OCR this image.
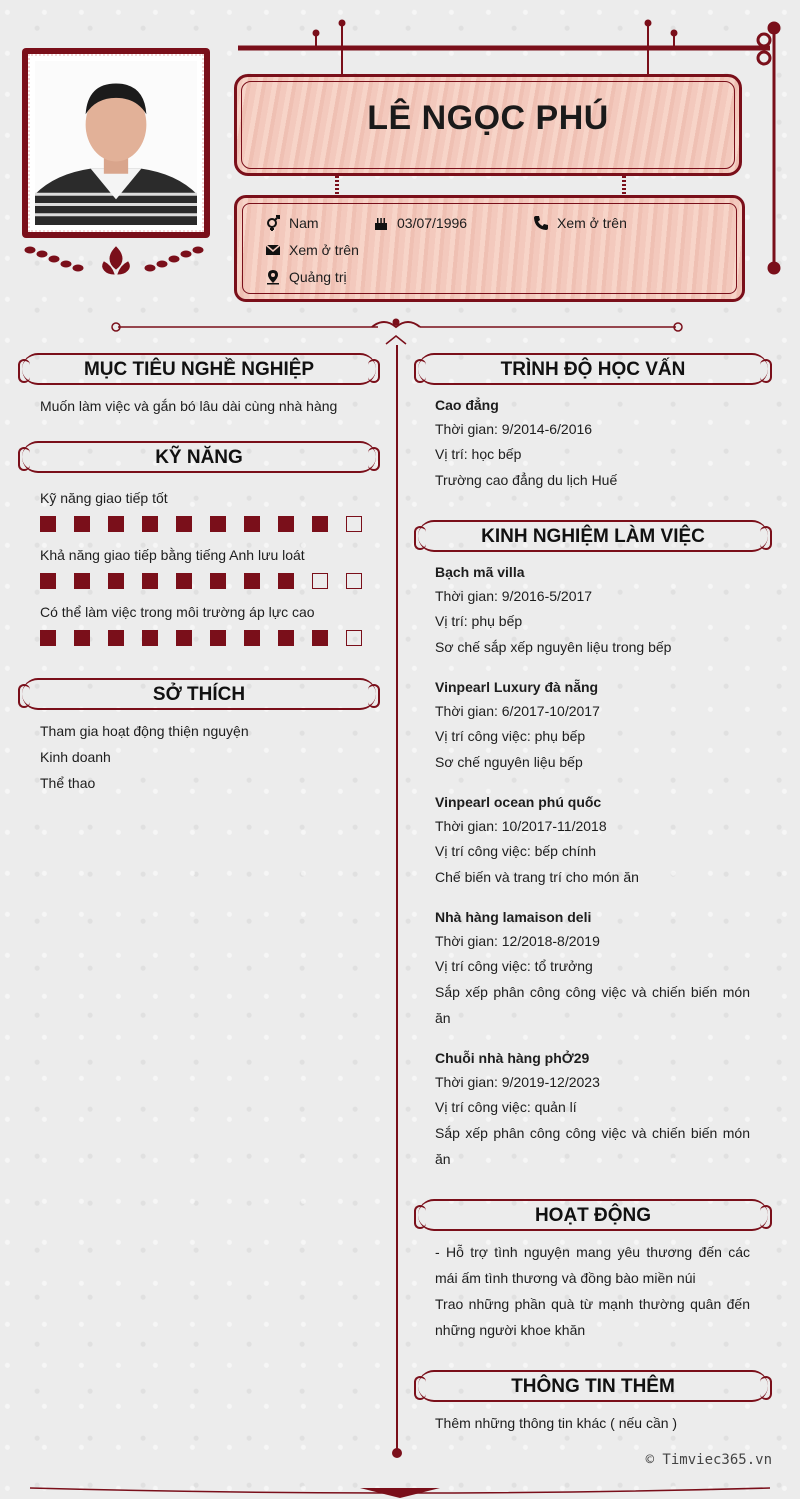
LÊ NGỌC PHÚ
Nam	03/07/1996	Xem ở trên
Xem ở trên
Quảng trị
MỤC TIÊU NGHỀ NGHIỆP
Muốn làm việc và gắn bó lâu dài cùng nhà hàng
KỸ NĂNG
Kỹ năng giao tiếp tốt
Khả năng giao tiếp bằng tiếng Anh lưu loát
Có thể làm việc trong môi trường áp lực cao
SỞ THÍCH
Tham gia hoạt động thiện nguyện
Kinh doanh
Thể thao
TRÌNH ĐỘ HỌC VẤN
Cao đẳng
Thời gian: 9/2014-6/2016
Vị trí: học bếp
Trường cao đẳng du lịch Huế
KINH NGHIỆM LÀM VIỆC
Bạch mã villa
Thời gian: 9/2016-5/2017
Vị trí: phụ bếp
Sơ chế sắp xếp nguyên liệu trong bếp
Vinpearl Luxury đà nẵng
Thời gian: 6/2017-10/2017
Vị trí công việc: phụ bếp
Sơ chế nguyên liệu bếp
Vinpearl ocean phú quốc
Thời gian: 10/2017-11/2018
Vị trí công việc: bếp chính
Chế biến và trang trí cho món ăn
Nhà hàng lamaison deli
Thời gian: 12/2018-8/2019
Vị trí công việc: tổ trưởng
Sắp xếp phân công công việc và chiến biến món ăn
Chuỗi nhà hàng phỞ29
Thời gian: 9/2019-12/2023
Vị trí công việc: quản lí
Sắp xếp phân công công việc và chiến biến món ăn
HOẠT ĐỘNG
- Hỗ trợ tình nguyện mang yêu thương đến các mái ấm tình thương và đồng bào miền núi
Trao những phần quà từ mạnh thường quân đến những người khoe khăn
THÔNG TIN THÊM
Thêm những thông tin khác ( nếu cần )
© Timviec365.vn
